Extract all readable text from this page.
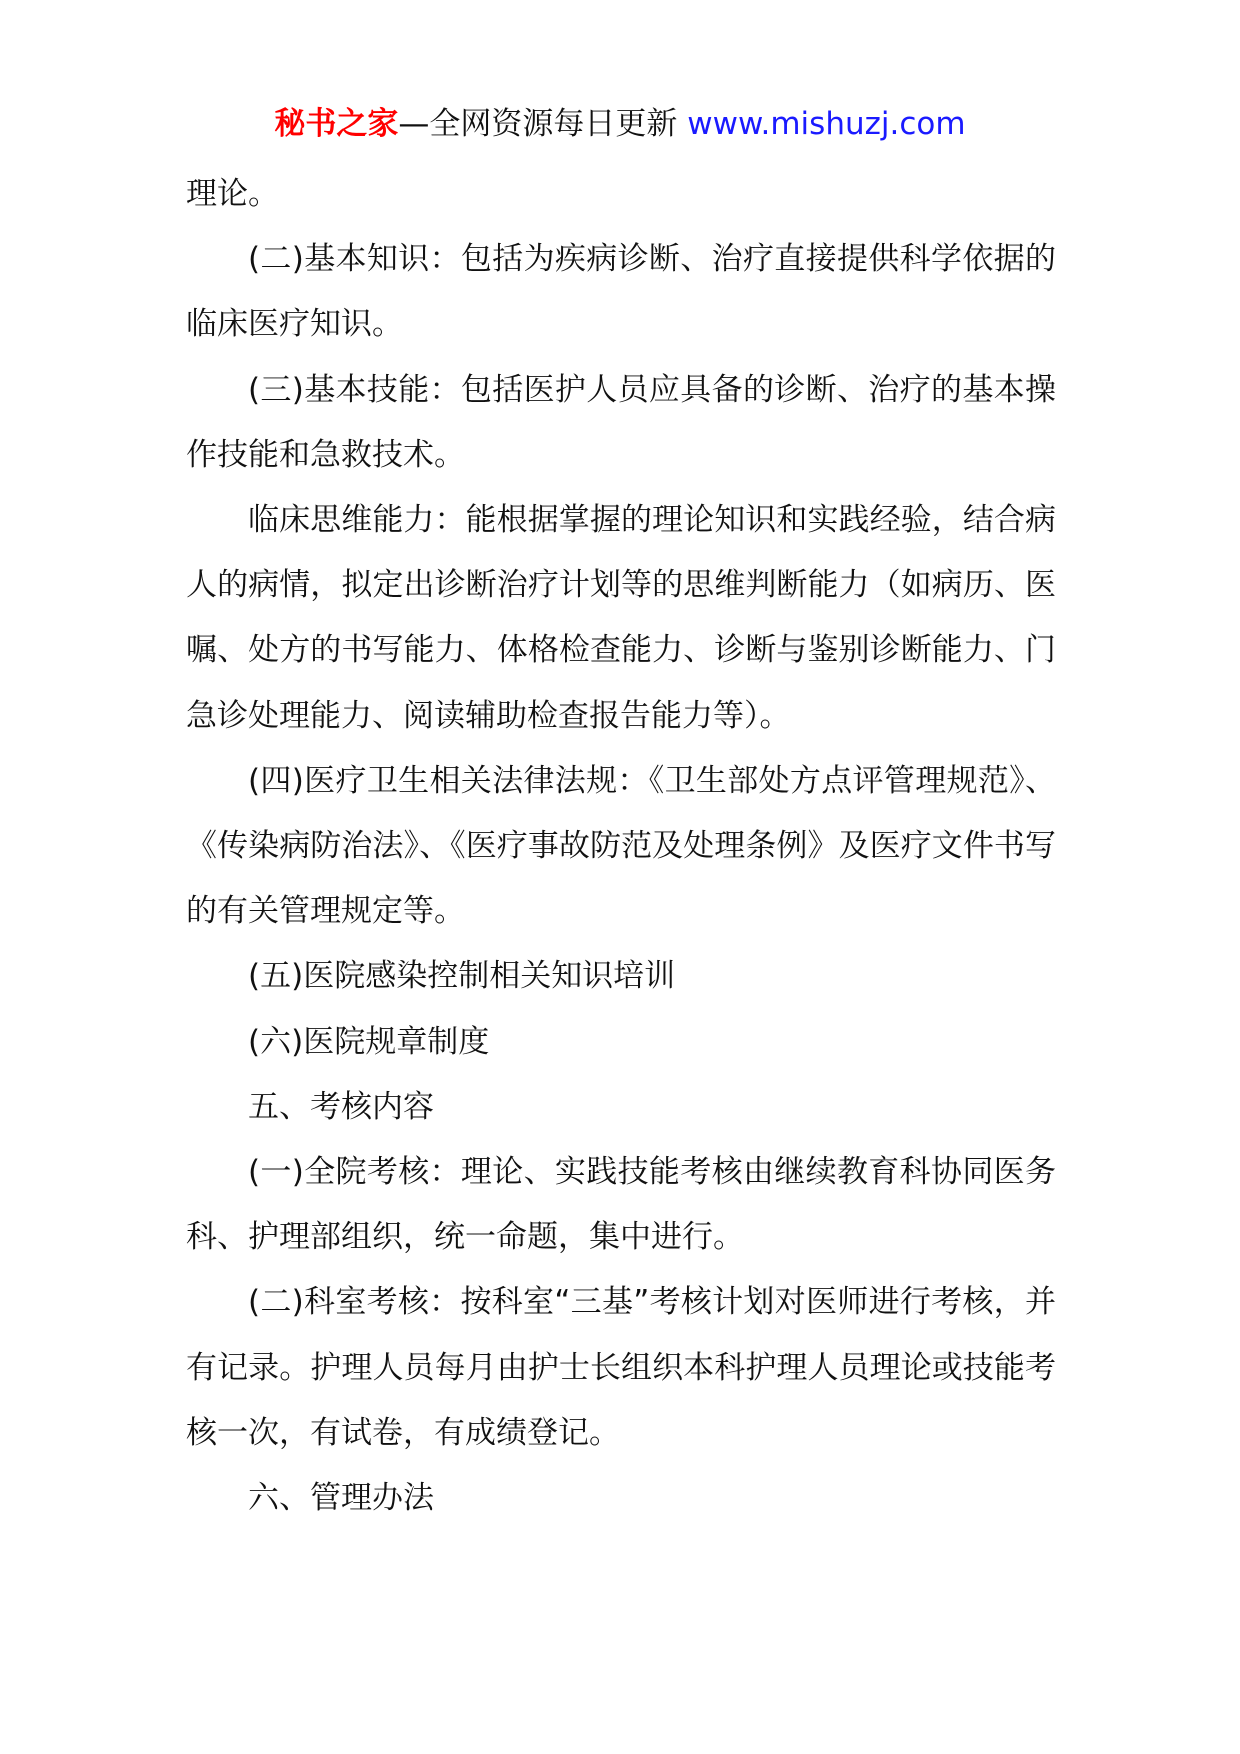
秘书之家—全网资源每日更新 www.mishuzj.com

理论。

(二)基本知识：包括为疾病诊断、治疗直接提供科学依据的临床医疗知识。

(三)基本技能：包括医护人员应具备的诊断、治疗的基本操作技能和急救技术。

临床思维能力：能根据掌握的理论知识和实践经验，结合病人的病情，拟定出诊断治疗计划等的思维判断能力（如病历、医嘱、处方的书写能力、体格检查能力、诊断与鉴别诊断能力、门急诊处理能力、阅读辅助检查报告能力等）。

(四)医疗卫生相关法律法规：《卫生部处方点评管理规范》、《传染病防治法》、《医疗事故防范及处理条例》及医疗文件书写的有关管理规定等。

(五)医院感染控制相关知识培训

(六)医院规章制度

五、考核内容

(一)全院考核：理论、实践技能考核由继续教育科协同医务科、护理部组织，统一命题，集中进行。

(二)科室考核：按科室“三基”考核计划对医师进行考核，并有记录。护理人员每月由护士长组织本科护理人员理论或技能考核一次，有试卷，有成绩登记。

六、管理办法
